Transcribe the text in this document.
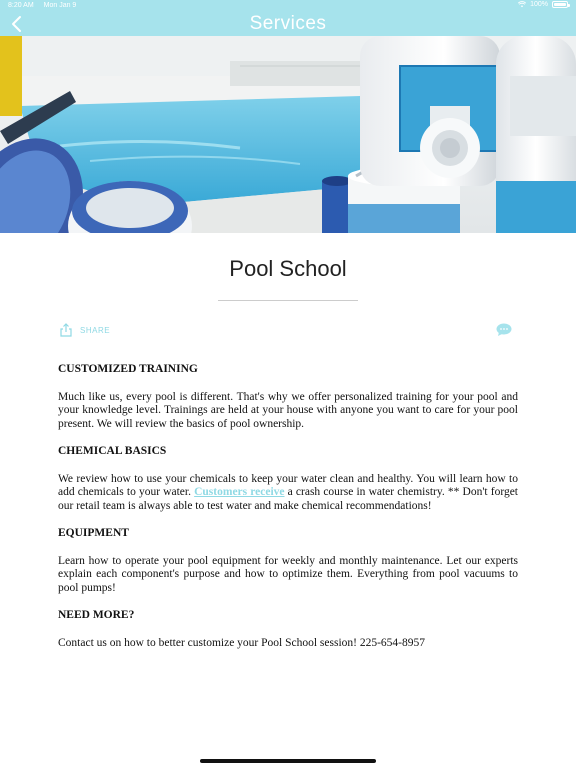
8:20 AM Mon Jan 9	100%
Services
Pool School
SHARE
CUSTOMIZED TRAINING
Much like us, every pool is different. That's why we offer personalized training for your pool and your knowledge level. Trainings are held at your house with anyone you want to care for your pool present. We will review the basics of pool ownership.
CHEMICAL BASICS
We review how to use your chemicals to keep your water clean and healthy. You will learn how to add chemicals to your water. Customers receive a crash course in water chemistry. ** Don't forget our retail team is always able to test water and make chemical recommendations!
EQUIPMENT
Learn how to operate your pool equipment for weekly and monthly maintenance. Let our experts explain each component's purpose and how to optimize them. Everything from pool vacuums to pool pumps!
NEED MORE?
Contact us on how to better customize your Pool School session! 225-654-8957
